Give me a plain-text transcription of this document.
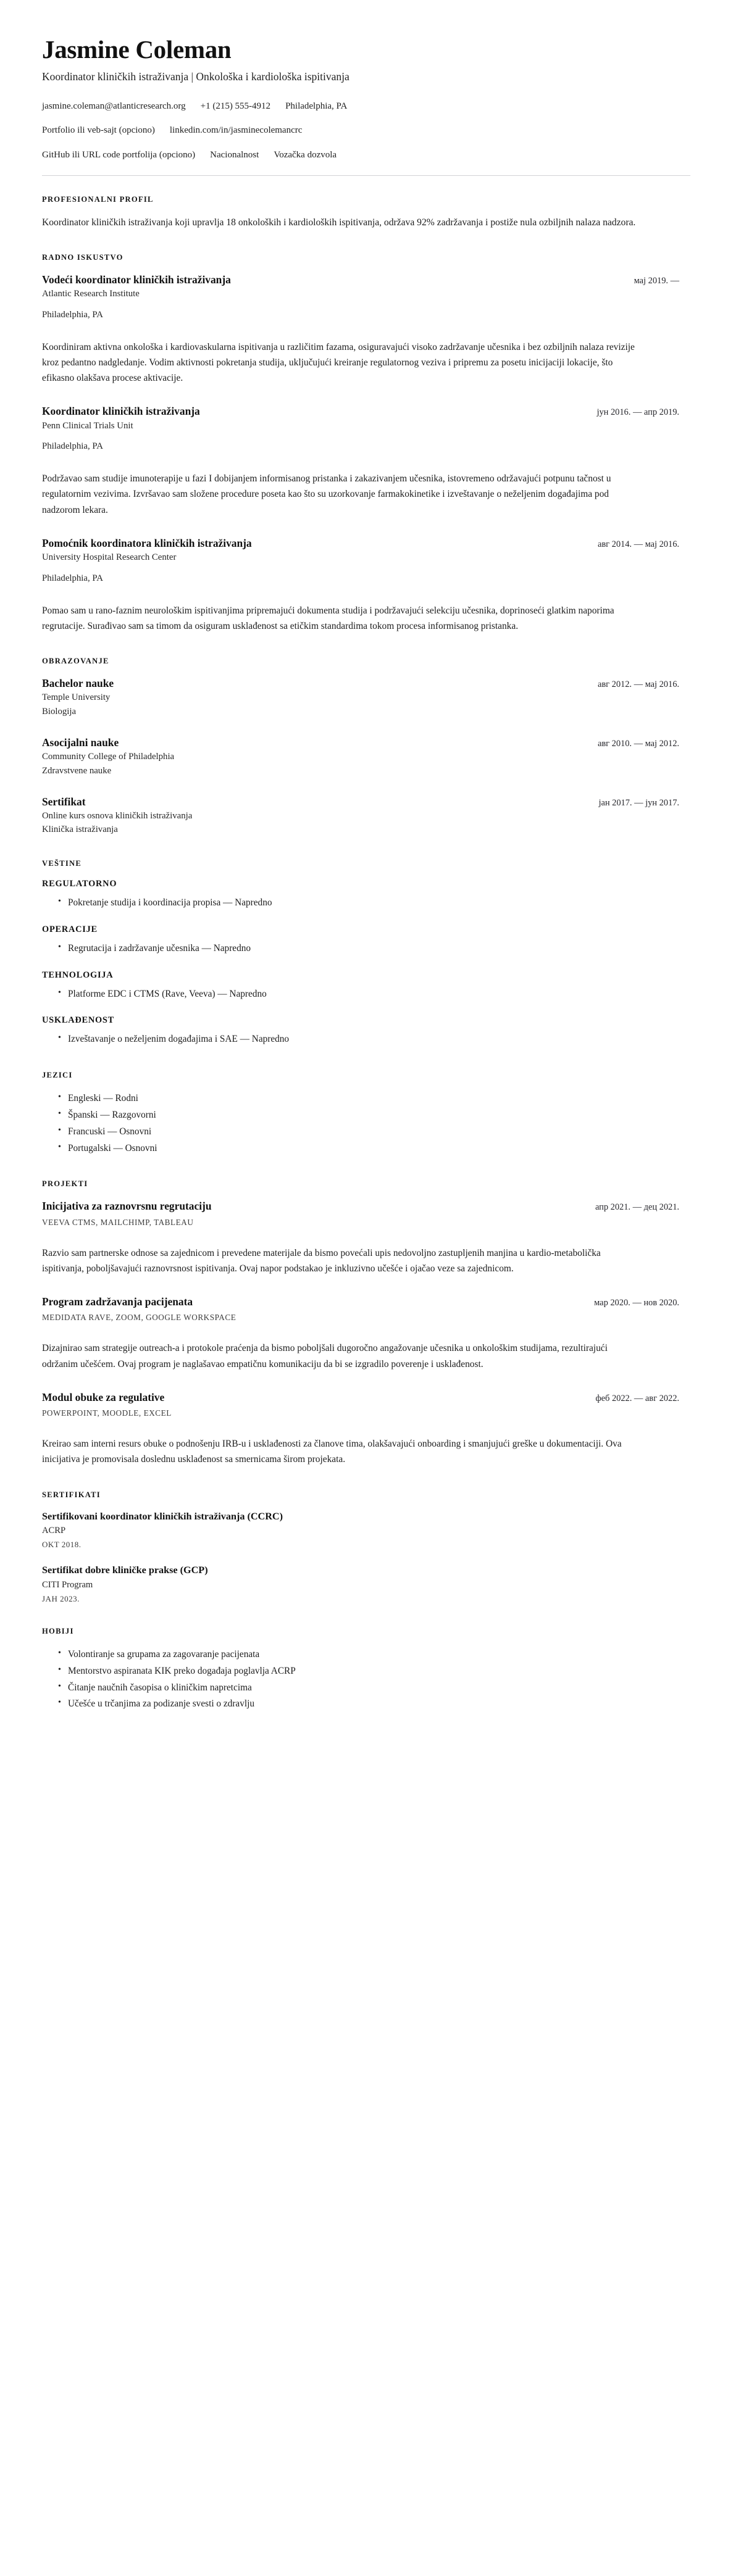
Jasmine Coleman
Koordinator kliničkih istraživanja | Onkološka i kardiološka ispitivanja
jasmine.coleman@atlanticresearch.org +1 (215) 555-4912 Philadelphia, PA
Portfolio ili veb-sajt (opciono) linkedin.com/in/jasminecolemancrc
GitHub ili URL code portfolija (opciono) Nacionalnost Vozačka dozvola
PROFESIONALNI PROFIL

Koordinator kliničkih istraživanja koji upravlja 18 onkoloških i kardioloških ispitivanja, održava 92% zadržavanja i postiže nula ozbiljnih nalaza nadzora.

RADNO ISKUSTVO
Vodeći koordinator kliničkih istraživanja	мај 2019. —
Atlantic Research Institute
Philadelphia, PA

Koordiniram aktivna onkološka i kardiovaskularna ispitivanja u različitim fazama, osiguravajući visoko zadržavanje učesnika i bez ozbiljnih nalaza revizije kroz pedantno nadgledanje. Vodim aktivnosti pokretanja studija, uključujući kreiranje regulatornog veziva i pripremu za posetu inicijaciji lokacije, što efikasno olakšava procese aktivacije.

Koordinator kliničkih istraživanja	јун 2016. — апр 2019.
Penn Clinical Trials Unit
Philadelphia, PA

Podržavao sam studije imunoterapije u fazi I dobijanjem informisanog pristanka i zakazivanjem učesnika, istovremeno održavajući potpunu tačnost u regulatornim vezivima. Izvršavao sam složene procedure poseta kao što su uzorkovanje farmakokinetike i izveštavanje o neželjenim događajima pod nadzorom lekara.

Pomoćnik koordinatora kliničkih istraživanja	авг 2014. — мај 2016.
University Hospital Research Center
Philadelphia, PA

Pomao sam u rano-faznim neurološkim ispitivanjima pripremajući dokumenta studija i podržavajući selekciju učesnika, doprinoseći glatkim naporima regrutacije. Surađivao sam sa timom da osiguram usklađenost sa etičkim standardima tokom procesa informisanog pristanka.

OBRAZOVANJE
Bachelor nauke	авг 2012. — мај 2016.
Temple University
Biologija
Asocijalni nauke	авг 2010. — мај 2012.
Community College of Philadelphia
Zdravstvene nauke
Sertifikat	јан 2017. — јун 2017.
Online kurs osnova kliničkih istraživanja
Klinička istraživanja
VEŠTINE
REGULATORNO
• Pokretanje studija i koordinacija propisa — Napredno
OPERACIJE
• Regrutacija i zadržavanje učesnika — Napredno
TEHNOLOGIJA
• Platforme EDC i CTMS (Rave, Veeva) — Napredno
USKLAĐENOST
• Izveštavanje o neželjenim događajima i SAE — Napredno
JEZICI
• Engleski — Rodni
• Španski — Razgovorni
• Francuski — Osnovni
• Portugalski — Osnovni
PROJEKTI
Inicijativa za raznovrsnu regrutaciju	апр 2021. — дец 2021.
VEEVA CTMS, MAILCHIMP, TABLEAU

Razvio sam partnerske odnose sa zajednicom i prevedene materijale da bismo povećali upis nedovoljno zastupljenih manjina u kardio-metabolička ispitivanja, poboljšavajući raznovrsnost ispitivanja. Ovaj napor podstakao je inkluzivno učešće i ojačao veze sa zajednicom.

Program zadržavanja pacijenata	мар 2020. — нов 2020.
MEDIDATA RAVE, ZOOM, GOOGLE WORKSPACE

Dizajnirao sam strategije outreach-a i protokole praćenja da bismo poboljšali dugoročno angažovanje učesnika u onkološkim studijama, rezultirajući održanim učešćem. Ovaj program je naglašavao empatičnu komunikaciju da bi se izgradilo poverenje i usklađenost.

Modul obuke za regulative	феб 2022. — авг 2022.
POWERPOINT, MOODLE, EXCEL

Kreirao sam interni resurs obuke o podnošenju IRB-u i usklađenosti za članove tima, olakšavajući onboarding i smanjujući greške u dokumentaciji. Ova inicijativa je promovisala doslednu usklađenost sa smernicama širom projekata.

SERTIFIKATI
Sertifikovani koordinator kliničkih istraživanja (CCRC)
ACRP
OKT 2018.
Sertifikat dobre kliničke prakse (GCP)
CITI Program
ЈАН 2023.
HOBIJI
• Volontiranje sa grupama za zagovaranje pacijenata
• Mentorstvo aspiranata KIK preko događaja poglavlja ACRP
• Čitanje naučnih časopisa o kliničkim napretcima
• Učešće u trčanjima za podizanje svesti o zdravlju
